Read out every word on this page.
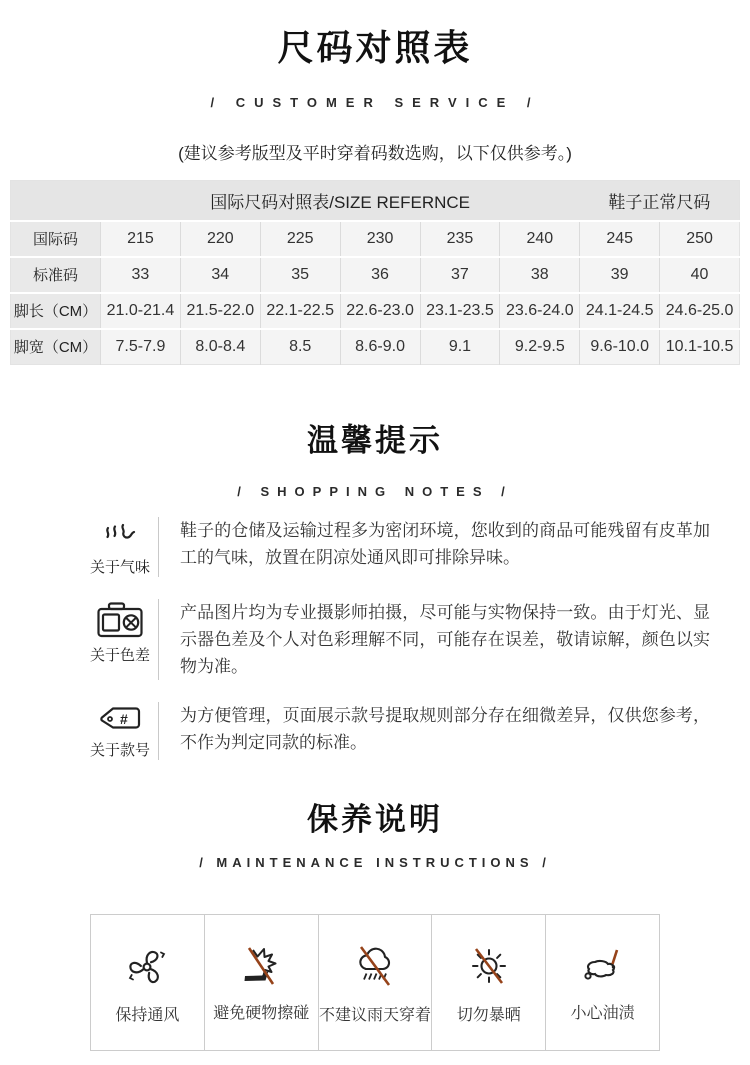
尺码对照表
/ CUSTOMER SERVICE /
(建议参考版型及平时穿着码数选购，以下仅供参考。)
	国际尺码对照表/SIZE REFERNCE						鞋子正常尺码	
国际码	215	220	225	230	235	240	245	250
标准码	33	34	35	36	37	38	39	40
脚长（CM）	21.0-21.4	21.5-22.0	22.1-22.5	22.6-23.0	23.1-23.5	23.6-24.0	24.1-24.5	24.6-25.0
脚宽（CM）	7.5-7.9	8.0-8.4	8.5	8.6-9.0	9.1	9.2-9.5	9.6-10.0	10.1-10.5
温馨提示
/ SHOPPING NOTES /
关于气味
鞋子的仓储及运输过程多为密闭环境，您收到的商品可能残留有皮革加工的气味，放置在阴凉处通风即可排除异味。
关于色差
产品图片均为专业摄影师拍摄，尽可能与实物保持一致。由于灯光、显示器色差及个人对色彩理解不同，可能存在误差，敬请谅解，颜色以实物为准。
#
关于款号
为方便管理，页面展示款号提取规则部分存在细微差异，仅供您参考，不作为判定同款的标准。
保养说明
/ MAINTENANCE INSTRUCTIONS /
保持通风 避免硬物擦碰 不建议雨天穿着 切勿暴晒	小心油渍
